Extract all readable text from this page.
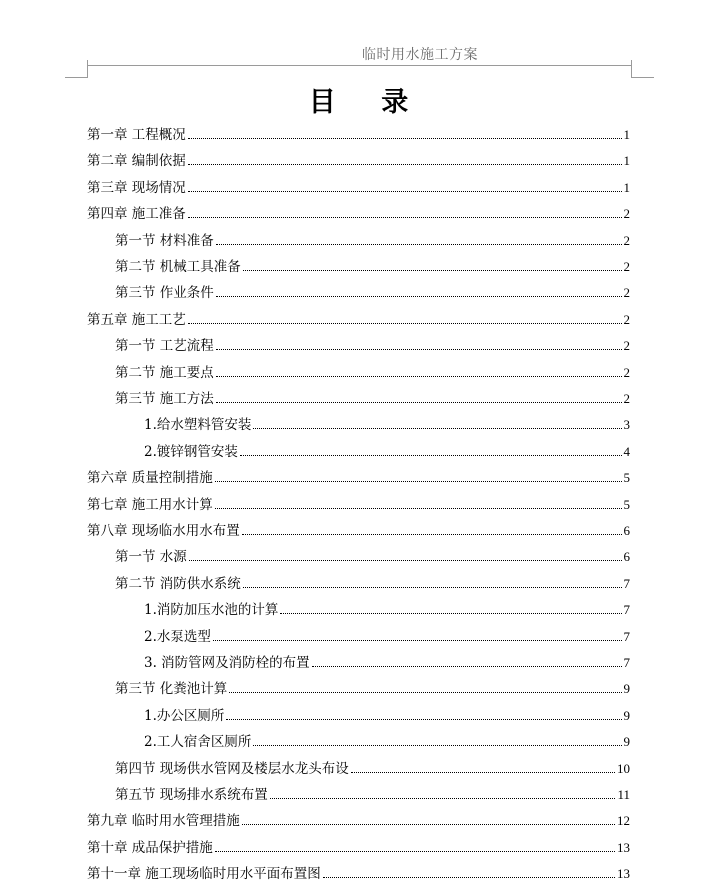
临时用水施工方案
目 录
第一章 工程概况	1
第二章 编制依据	1
第三章 现场情况	1
第四章 施工准备	2
第一节 材料准备	2
第二节 机械工具准备	2
第三节 作业条件	2
第五章 施工工艺	2
第一节 工艺流程	2
第二节 施工要点	2
第三节 施工方法	2
1.给水塑料管安装	3
2.镀锌钢管安装	4
第六章 质量控制措施	5
第七章 施工用水计算	5
第八章 现场临水用水布置	6
第一节 水源	6
第二节 消防供水系统	7
1.消防加压水池的计算	7
2.水泵选型	7
3. 消防管网及消防栓的布置	7
第三节 化粪池计算	9
1.办公区厕所	9
2.工人宿舍区厕所	9
第四节 现场供水管网及楼层水龙头布设	10
第五节 现场排水系统布置	11
第九章 临时用水管理措施	12
第十章 成品保护措施	13
第十一章 施工现场临时用水平面布置图	13
